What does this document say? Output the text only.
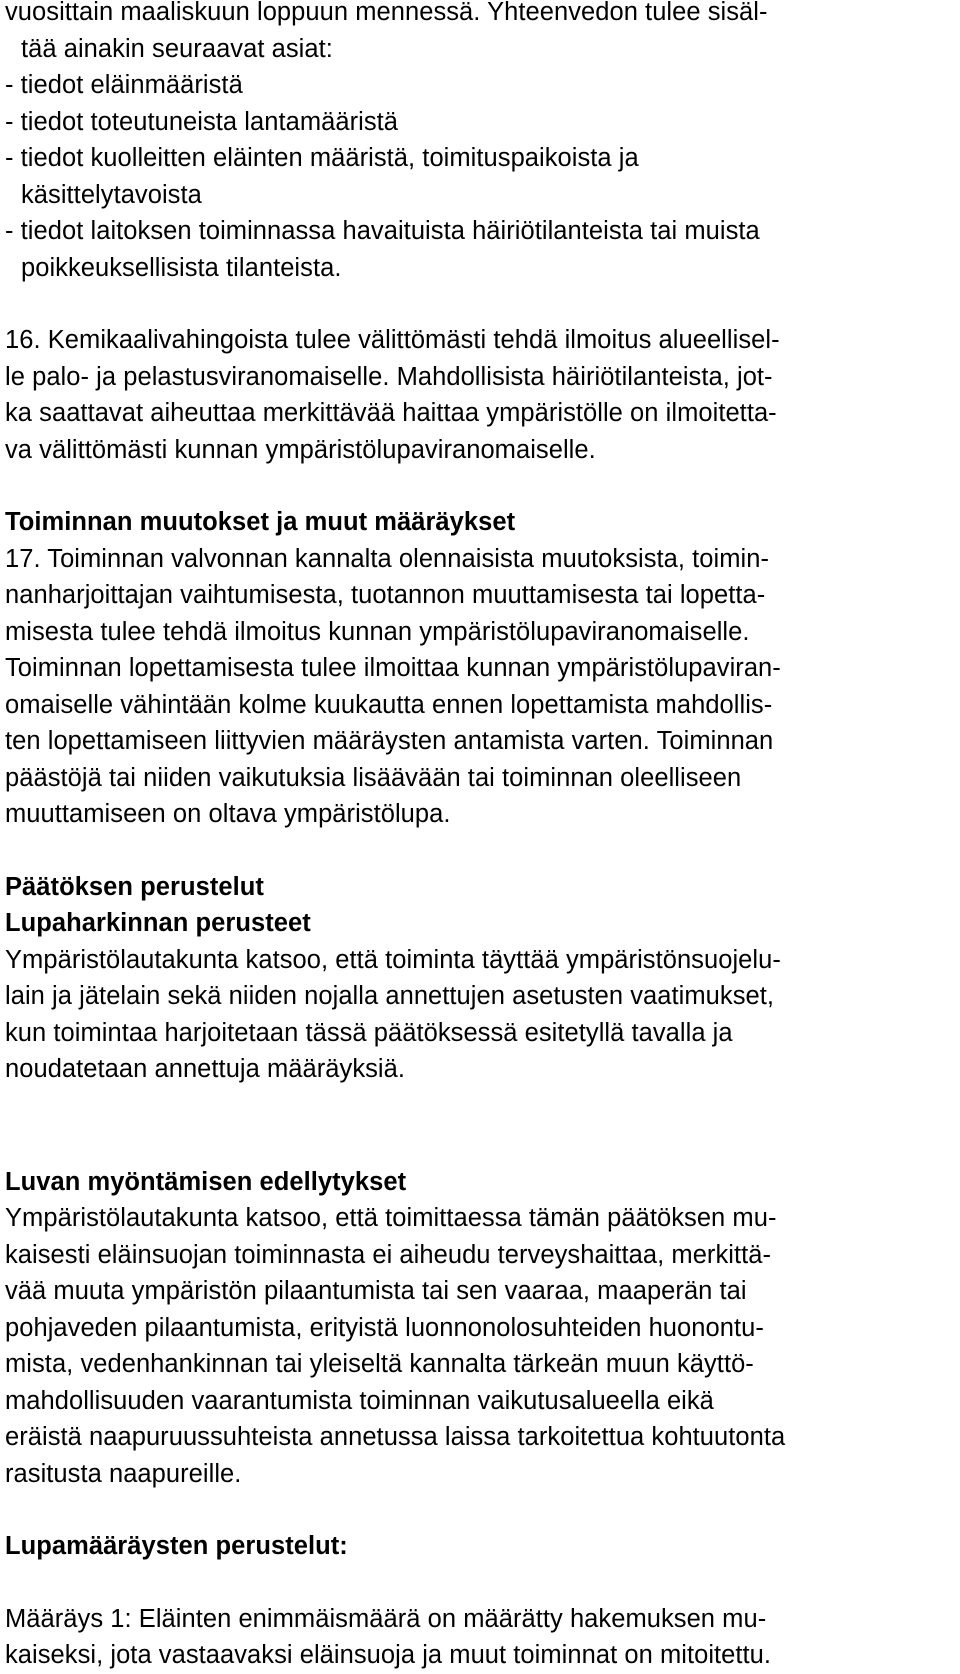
vuosittain maaliskuun loppuun mennessä. Yhteenvedon tulee sisäl-
tää ainakin seuraavat asiat:
- tiedot eläinmääristä
- tiedot toteutuneista lantamääristä
- tiedot kuolleitten eläinten määristä, toimituspaikoista ja
käsittelytavoista
- tiedot laitoksen toiminnassa havaituista häiriötilanteista tai muista
poikkeuksellisista tilanteista.
16. Kemikaalivahingoista tulee välittömästi tehdä ilmoitus alueellisel-
le palo- ja pelastusviranomaiselle. Mahdollisista häiriötilanteista, jot-
ka saattavat aiheuttaa merkittävää haittaa ympäristölle on ilmoitetta-
va välittömästi kunnan ympäristölupaviranomaiselle.
Toiminnan muutokset ja muut määräykset
17. Toiminnan valvonnan kannalta olennaisista muutoksista, toimin-
nanharjoittajan vaihtumisesta, tuotannon muuttamisesta tai lopetta-
misesta tulee tehdä ilmoitus kunnan ympäristölupaviranomaiselle.
Toiminnan lopettamisesta tulee ilmoittaa kunnan ympäristölupaviran-
omaiselle vähintään kolme kuukautta ennen lopettamista mahdollis-
ten lopettamiseen liittyvien määräysten antamista varten. Toiminnan
päästöjä tai niiden vaikutuksia lisäävään tai toiminnan oleelliseen
muuttamiseen on oltava ympäristölupa.
Päätöksen perustelut
Lupaharkinnan perusteet
Ympäristölautakunta katsoo, että toiminta täyttää ympäristönsuojelu-
lain ja jätelain sekä niiden nojalla annettujen asetusten vaatimukset,
kun toimintaa harjoitetaan tässä päätöksessä esitetyllä tavalla ja
noudatetaan annettuja määräyksiä.
Luvan myöntämisen edellytykset
Ympäristölautakunta katsoo, että toimittaessa tämän päätöksen mu-
kaisesti eläinsuojan toiminnasta ei aiheudu terveyshaittaa, merkittä-
vää muuta ympäristön pilaantumista tai sen vaaraa, maaperän tai
pohjaveden pilaantumista, erityistä luonnonolosuhteiden huonontu-
mista, vedenhankinnan tai yleiseltä kannalta tärkeän muun käyttö-
mahdollisuuden vaarantumista toiminnan vaikutusalueella eikä
eräistä naapuruussuhteista annetussa laissa tarkoitettua kohtuutonta
rasitusta naapureille.
Lupamääräysten perustelut:
Määräys 1: Eläinten enimmäismäärä on määrätty hakemuksen mu-
kaiseksi, jota vastaavaksi eläinsuoja ja muut toiminnat on mitoitettu.
